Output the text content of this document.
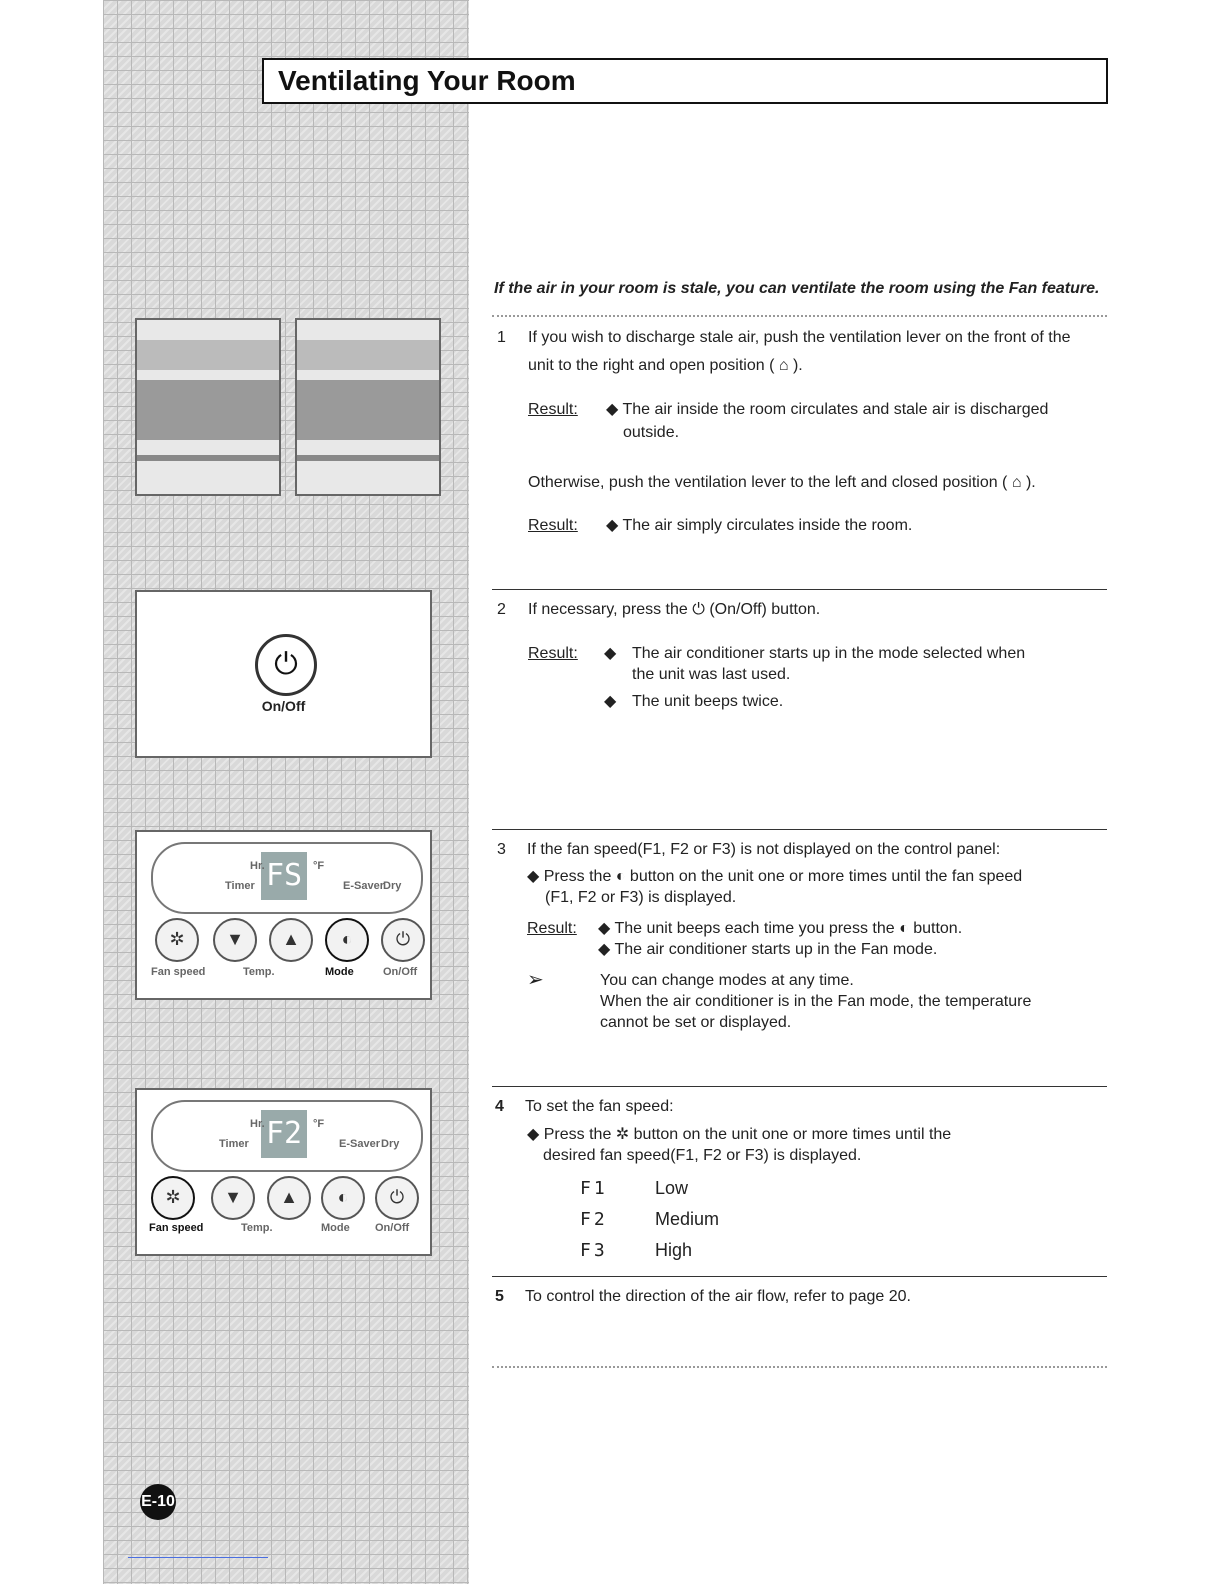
Ventilating Your Room
If the air in your room is stale, you can ventilate the room using the Fan feature.
1 If you wish to discharge stale air, push the ventilation lever on the front of the
unit to the right and open position ( ⌂ ).
Result: ◆ The air inside the room circulates and stale air is discharged
outside.
Otherwise, push the ventilation lever to the left and closed position ( ⌂ ).
Result: ◆ The air simply circulates inside the room.
2 If necessary, press the ⏻ (On/Off) button.
Result: ◆ The air conditioner starts up in the mode selected when
the unit was last used.
◆ The unit beeps twice.
3 If the fan speed(F1, F2 or F3) is not displayed on the control panel:
◆ Press the ◐ button on the unit one or more times until the fan speed
(F1, F2 or F3) is displayed.
Result: ◆ The unit beeps each time you press the ◐ button.
◆ The air conditioner starts up in the Fan mode.
➢	You can change modes at any time.
When the air conditioner is in the Fan mode, the temperature
cannot be set or displayed.
4 To set the fan speed:
◆ Press the ✲ button on the unit one or more times until the
desired fan speed(F1, F2 or F3) is displayed.
F1	Low
F2	Medium
F3	High
5 To control the direction of the air flow, refer to page 20.
⏻
On/Off
FS
Timer
Hr.	°F
E-Saver Dry
✲	▼	▲	◐	⏻
Fan speed	Temp.	Mode	On/Off
F2
Timer
Hr.	°F
E-Saver Dry
✲	▼	▲	◐	⏻
Fan speed	Temp.	Mode On/Off
E-10
